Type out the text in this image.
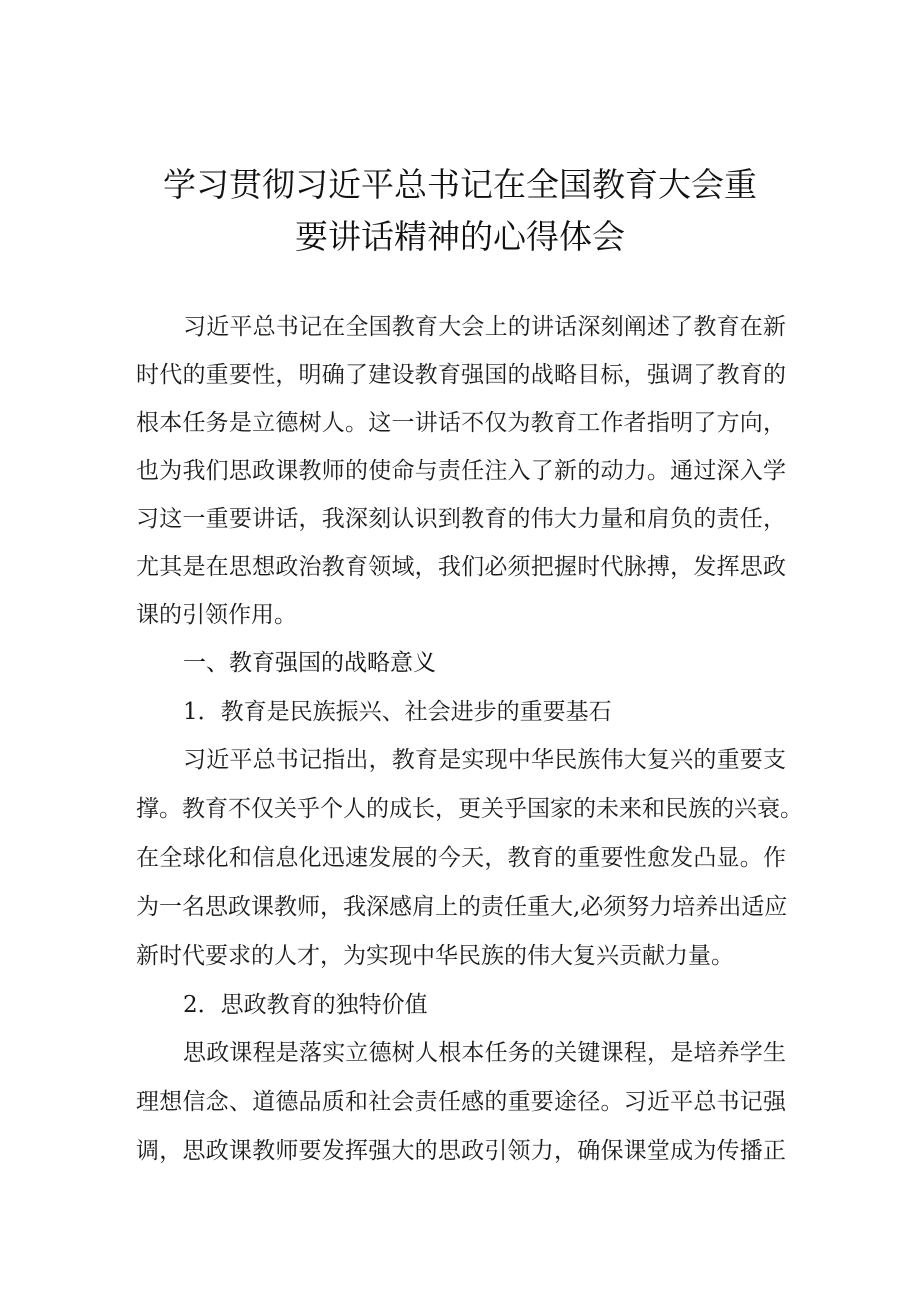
学习贯彻习近平总书记在全国教育大会重
要讲话精神的心得体会
习近平总书记在全国教育大会上的讲话深刻阐述了教育在新
时代的重要性，明确了建设教育强国的战略目标，强调了教育的
根本任务是立德树人。这一讲话不仅为教育工作者指明了方向，
也为我们思政课教师的使命与责任注入了新的动力。通过深入学
习这一重要讲话，我深刻认识到教育的伟大力量和肩负的责任，
尤其是在思想政治教育领域，我们必须把握时代脉搏，发挥思政
课的引领作用。
一、教育强国的战略意义
1．教育是民族振兴、社会进步的重要基石
习近平总书记指出，教育是实现中华民族伟大复兴的重要支
撑。教育不仅关乎个人的成长，更关乎国家的未来和民族的兴衰。
在全球化和信息化迅速发展的今天，教育的重要性愈发凸显。作
为一名思政课教师，我深感肩上的责任重大,必须努力培养出适应
新时代要求的人才，为实现中华民族的伟大复兴贡献力量。
2．思政教育的独特价值
思政课程是落实立德树人根本任务的关键课程，是培养学生
理想信念、道德品质和社会责任感的重要途径。习近平总书记强
调，思政课教师要发挥强大的思政引领力，确保课堂成为传播正
